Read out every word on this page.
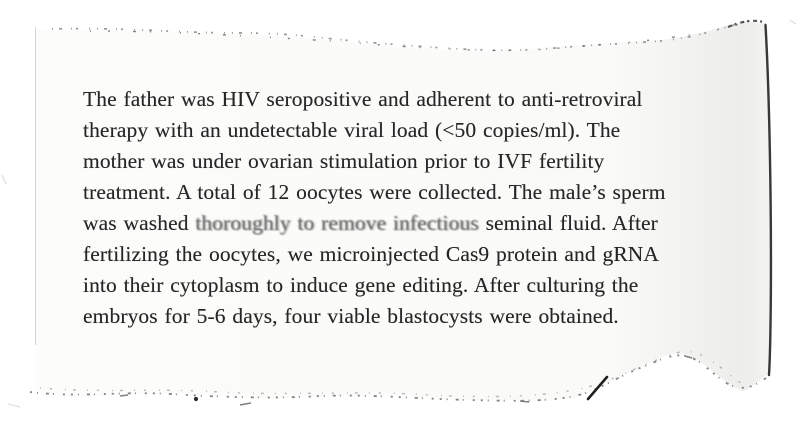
The father was HIV seropositive and adherent to anti-retroviral
therapy with an undetectable viral load (<50 copies/ml). The
mother was under ovarian stimulation prior to IVF fertility
treatment. A total of 12 oocytes were collected. The male’s sperm
was washed thoroughly to remove infectious seminal fluid. After
fertilizing the oocytes, we microinjected Cas9 protein and gRNA
into their cytoplasm to induce gene editing. After culturing the
embryos for 5-6 days, four viable blastocysts were obtained.
